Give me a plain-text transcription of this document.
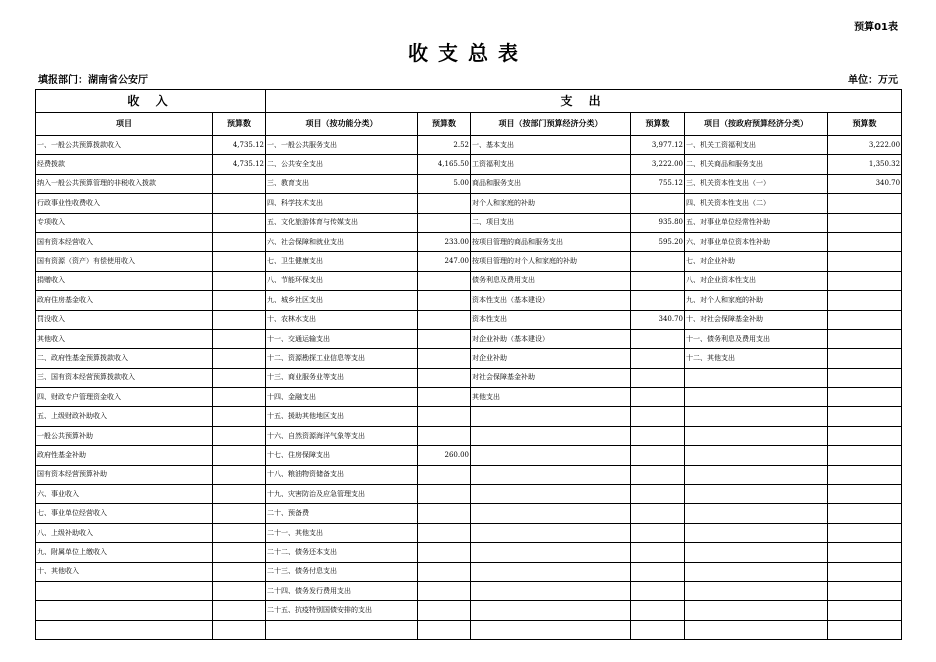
预算01表
收支总表
填报部门：湖南省公安厅	单位：万元
收 入		支 出					
项目	预算数	项目（按功能分类）	预算数	项目（按部门预算经济分类）	预算数	项目（按政府预算经济分类）	预算数
一、一般公共预算拨款收入	4,735.12	一、一般公共服务支出	2.52	一、基本支出	3,977.12	一、机关工资福利支出	3,222.00
经费拨款	4,735.12	二、公共安全支出	4,165.50	工资福利支出	3,222.00	二、机关商品和服务支出	1,350.32
纳入一般公共预算管理的非税收入拨款		三、教育支出	5.00	商品和服务支出	755.12	三、机关资本性支出（一）	340.70
行政事业性收费收入		四、科学技术支出		对个人和家庭的补助		四、机关资本性支出（二）	
专项收入		五、文化旅游体育与传媒支出		二、项目支出	935.80	五、对事业单位经常性补助	
国有资本经营收入		六、社会保障和就业支出	233.00	按项目管理的商品和服务支出	595.20	六、对事业单位资本性补助	
国有资源（资产）有偿使用收入		七、卫生健康支出	247.00	按项目管理的对个人和家庭的补助		七、对企业补助	
捐赠收入		八、节能环保支出		债务利息及费用支出		八、对企业资本性支出	
政府住房基金收入		九、城乡社区支出		资本性支出（基本建设）		九、对个人和家庭的补助	
罚没收入		十、农林水支出		资本性支出	340.70	十、对社会保障基金补助	
其他收入		十一、交通运输支出		对企业补助（基本建设）		十一、债务利息及费用支出	
二、政府性基金预算拨款收入		十二、资源勘探工业信息等支出		对企业补助		十二、其他支出	
三、国有资本经营预算拨款收入		十三、商业服务业等支出		对社会保障基金补助			
四、财政专户管理资金收入		十四、金融支出		其他支出			
五、上级财政补助收入		十五、援助其他地区支出					
一般公共预算补助		十六、自然资源海洋气象等支出					
政府性基金补助		十七、住房保障支出	260.00				
国有资本经营预算补助		十八、粮油物资储备支出					
六、事业收入		十九、灾害防治及应急管理支出					
七、事业单位经营收入		二十、预备费					
八、上级补助收入		二十一、其他支出					
九、附属单位上缴收入		二十二、债务还本支出					
十、其他收入		二十三、债务付息支出					
		二十四、债务发行费用支出					
		二十五、抗疫特别国债安排的支出					
